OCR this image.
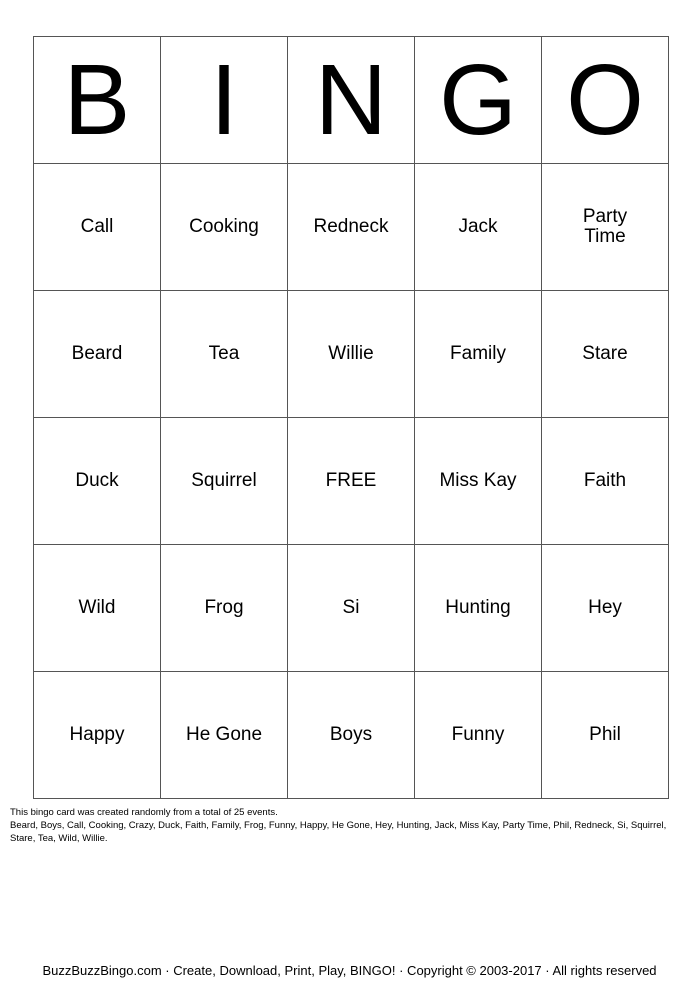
B	I	N	G	O
Call	Cooking	Redneck	Jack	Party Time

Beard	Tea	Willie	Family	Stare
Duck	Squirrel	FREE	Miss Kay	Faith
Wild	Frog	Si	Hunting	Hey
Happy	He Gone	Boys	Funny	Phil
This bingo card was created randomly from a total of 25 events.
Beard, Boys, Call, Cooking, Crazy, Duck, Faith, Family, Frog, Funny, Happy, He Gone, Hey, Hunting, Jack, Miss Kay, Party Time, Phil, Redneck, Si, Squirrel, Stare, Tea, Wild, Willie.
BuzzBuzzBingo.com · Create, Download, Print, Play, BINGO! · Copyright © 2003-2017 · All rights reserved
